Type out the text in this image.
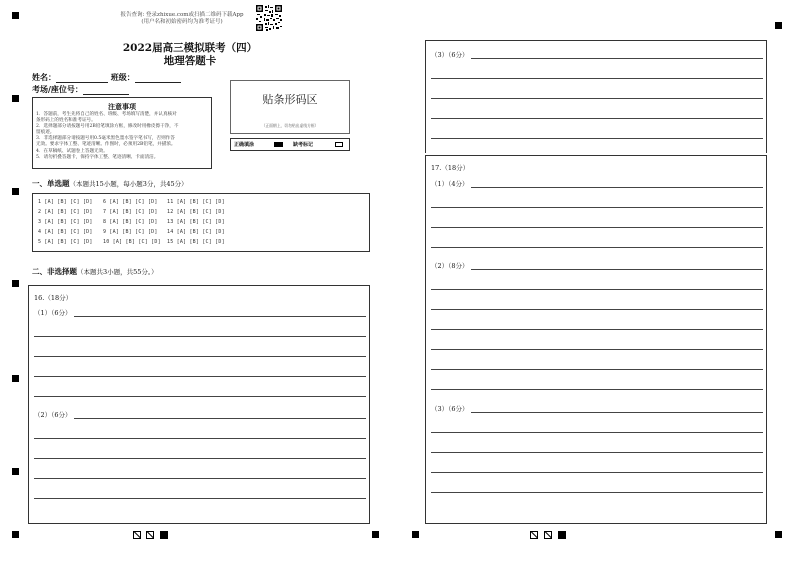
报告查询: 登录zhixue.com或扫描二维码下载App
(用户名和初始密码均为准考证号)
2022届高三模拟联考（四）
地理答题卡
姓名：	班级：
考场/座位号：
注意事项

1．答题前，考生先将自己的姓名、班级、考场填写清楚，并认真核对

条形码上的姓名和准考证号。

2．选择题部分请按题号用2B铅笔填涂方框，修改时用橡皮擦干净，不

留痕迹。

3．非选择题部分请按题号用0.5毫米黑色墨水签字笔书写，否则作答

无效。要求字体工整、笔迹清晰。作图时，必须用2B铅笔，并描浓。

4．在草稿纸、试题卷上答题无效。

5．请勿折叠答题卡，保持字体工整、笔迹清晰、卡面清洁。

贴条形码区
（正面朝上，切勿贴出虚线方框）
正确填涂	缺考标记
一、单选题（本题共15小题，每小题3分，共45分）
1 [A] [B] [C] [D] 6 [A] [B] [C] [D] 11 [A] [B] [C] [D]
2 [A] [B] [C] [D] 7 [A] [B] [C] [D] 12 [A] [B] [C] [D]
3 [A] [B] [C] [D] 8 [A] [B] [C] [D] 13 [A] [B] [C] [D]
4 [A] [B] [C] [D] 9 [A] [B] [C] [D] 14 [A] [B] [C] [D]
5 [A] [B] [C] [D] 10 [A] [B] [C] [D] 15 [A] [B] [C] [D]
二、非选择题（本题共3小题，共55分。）
16.（18分）
（1）（6分）
（2）（6分）
（3）（6分）
17.（18分）
（1）（4分）
（2）（8分）
（3）（6分）
